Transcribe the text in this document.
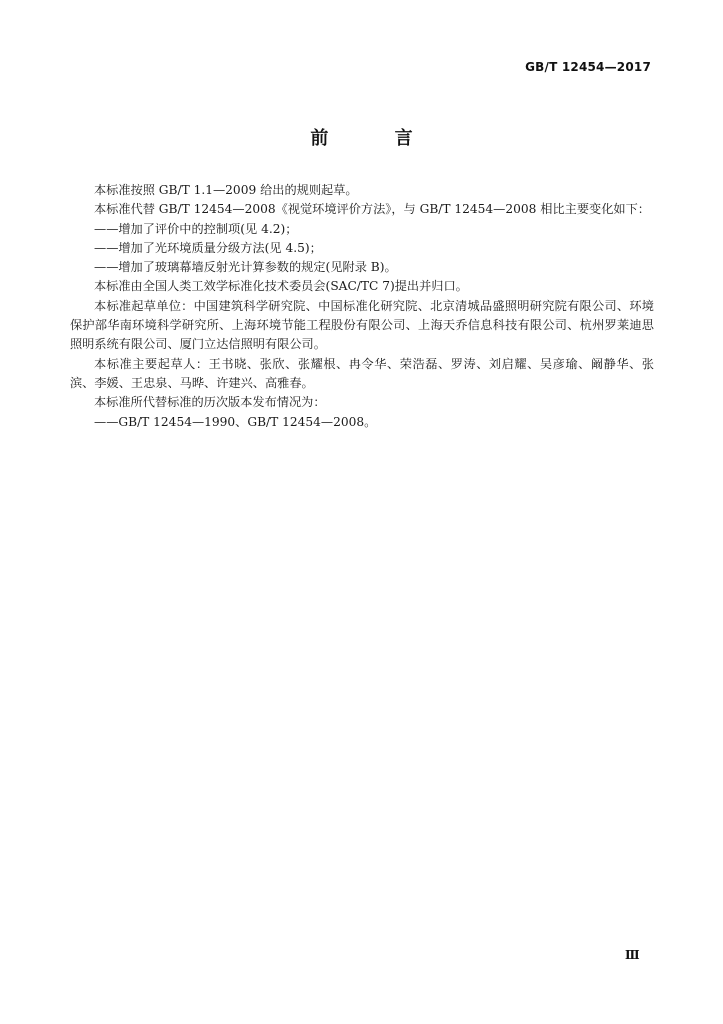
GB/T 12454—2017
前 言

本标准按照 GB/T 1.1—2009 给出的规则起草。

本标准代替 GB/T 12454—2008《视觉环境评价方法》，与 GB/T 12454—2008 相比主要变化如下：

——增加了评价中的控制项(见 4.2)；

——增加了光环境质量分级方法(见 4.5)；

——增加了玻璃幕墙反射光计算参数的规定(见附录 B)。

本标准由全国人类工效学标准化技术委员会(SAC/TC 7)提出并归口。

本标准起草单位：中国建筑科学研究院、中国标准化研究院、北京清城品盛照明研究院有限公司、环境保护部华南环境科学研究所、上海环境节能工程股份有限公司、上海天乔信息科技有限公司、杭州罗莱迪思照明系统有限公司、厦门立达信照明有限公司。

本标准主要起草人：王书晓、张欣、张耀根、冉令华、荣浩磊、罗涛、刘启耀、吴彦瑜、阚静华、张滨、李媛、王忠泉、马晔、许建兴、高雅春。

本标准所代替标准的历次版本发布情况为：

——GB/T 12454—1990、GB/T 12454—2008。

Ⅲ
